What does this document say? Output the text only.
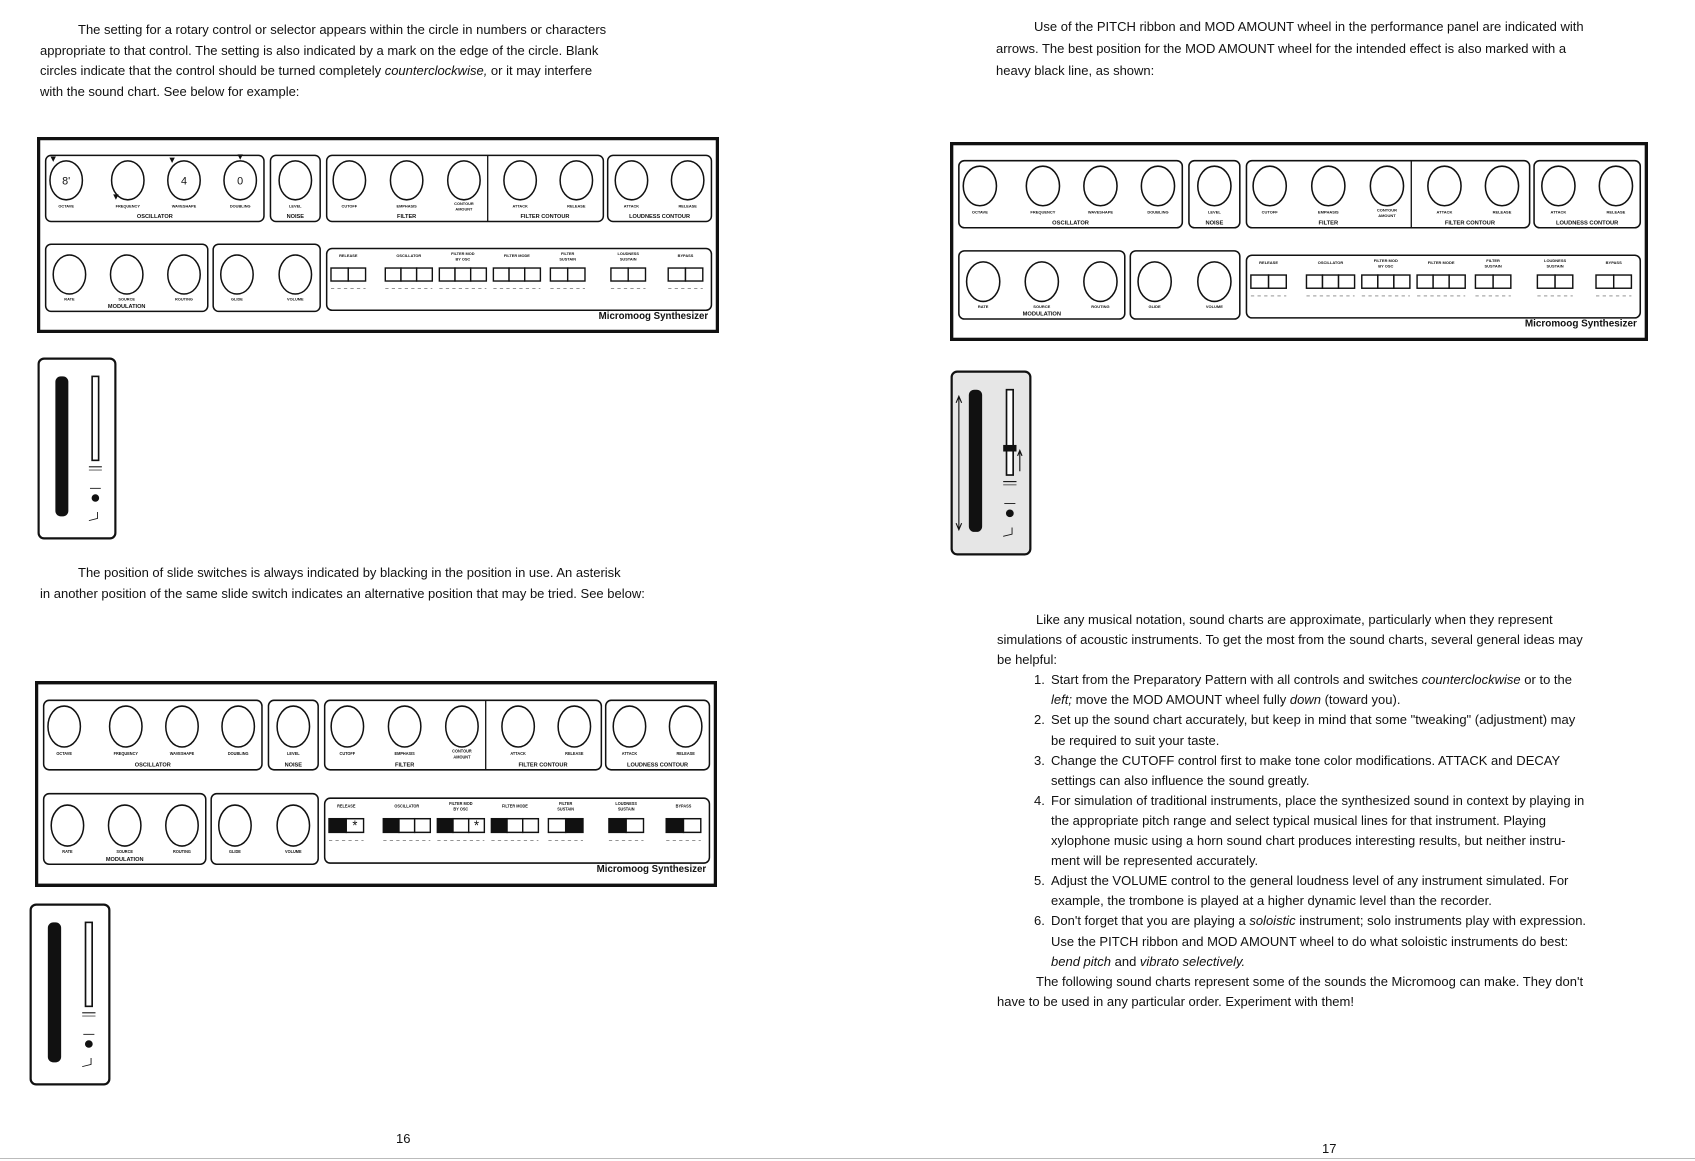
The setting for a rotary control or selector appears within the circle in numbers or characters
appropriate to that control. The setting is also indicated by a mark on the edge of the circle. Blank
circles indicate that the control should be turned completely counterclockwise, or it may interfere
with the sound chart. See below for example:
OCTAVE
8'
FREQUENCY	WAVESHAPE
4
DOUBLING
0
LEVEL	CUTOFF	EMPHASIS	CONTOUR
AMOUNT
ATTACK	RELEASE	ATTACK	RELEASE
OSCILLATOR	NOISE	FILTER	FILTER CONTOUR	LOUDNESS CONTOUR
RATE	SOURCE	ROUTING	GLIDE	VOLUME
MODULATION
RELEASE	OSCILLATOR	FILTER MOD
BY OSC
FILTER MODE	FILTER
SUSTAIN
LOUDNESS
SUSTAIN
BYPASS
Micromoog Synthesizer
The position of slide switches is always indicated by blacking in the position in use. An asterisk
in another position of the same slide switch indicates an alternative position that may be tried. See below:
OCTAVE	FREQUENCY	WAVESHAPE	DOUBLING	LEVEL	CUTOFF	EMPHASIS	CONTOUR
AMOUNT
ATTACK	RELEASE	ATTACK	RELEASE
OSCILLATOR	NOISE	FILTER	FILTER CONTOUR	LOUDNESS CONTOUR
RATE	SOURCE	ROUTING	GLIDE	VOLUME
MODULATION
RELEASE
*
OSCILLATOR	FILTER MOD
BY OSC
*
FILTER MODE	FILTER
SUSTAIN
LOUDNESS
SUSTAIN
BYPASS
Micromoog Synthesizer
16
Use of the PITCH ribbon and MOD AMOUNT wheel in the performance panel are indicated with
arrows. The best position for the MOD AMOUNT wheel for the intended effect is also marked with a
heavy black line, as shown:
OCTAVE	FREQUENCY	WAVESHAPE	DOUBLING	LEVEL	CUTOFF	EMPHASIS	CONTOUR
AMOUNT
ATTACK	RELEASE	ATTACK	RELEASE
OSCILLATOR	NOISE	FILTER	FILTER CONTOUR	LOUDNESS CONTOUR
RATE	SOURCE	ROUTING	GLIDE	VOLUME
MODULATION
RELEASE	OSCILLATOR	FILTER MOD
BY OSC
FILTER MODE	FILTER
SUSTAIN
LOUDNESS
SUSTAIN
BYPASS
Micromoog Synthesizer
Like any musical notation, sound charts are approximate, particularly when they represent
simulations of acoustic instruments. To get the most from the sound charts, several general ideas may
be helpful:
1. Start from the Preparatory Pattern with all controls and switches counterclockwise or to the
left; move the MOD AMOUNT wheel fully down (toward you).
2. Set up the sound chart accurately, but keep in mind that some "tweaking" (adjustment) may
be required to suit your taste.
3. Change the CUTOFF control first to make tone color modifications. ATTACK and DECAY
settings can also influence the sound greatly.
4. For simulation of traditional instruments, place the synthesized sound in context by playing in
the appropriate pitch range and select typical musical lines for that instrument. Playing
xylophone music using a horn sound chart produces interesting results, but neither instru-
ment will be represented accurately.
5. Adjust the VOLUME control to the general loudness level of any instrument simulated. For
example, the trombone is played at a higher dynamic level than the recorder.
6. Don't forget that you are playing a soloistic instrument; solo instruments play with expression.
Use the PITCH ribbon and MOD AMOUNT wheel to do what soloistic instruments do best:
bend pitch and vibrato selectively.
The following sound charts represent some of the sounds the Micromoog can make. They don't
have to be used in any particular order. Experiment with them!
17
